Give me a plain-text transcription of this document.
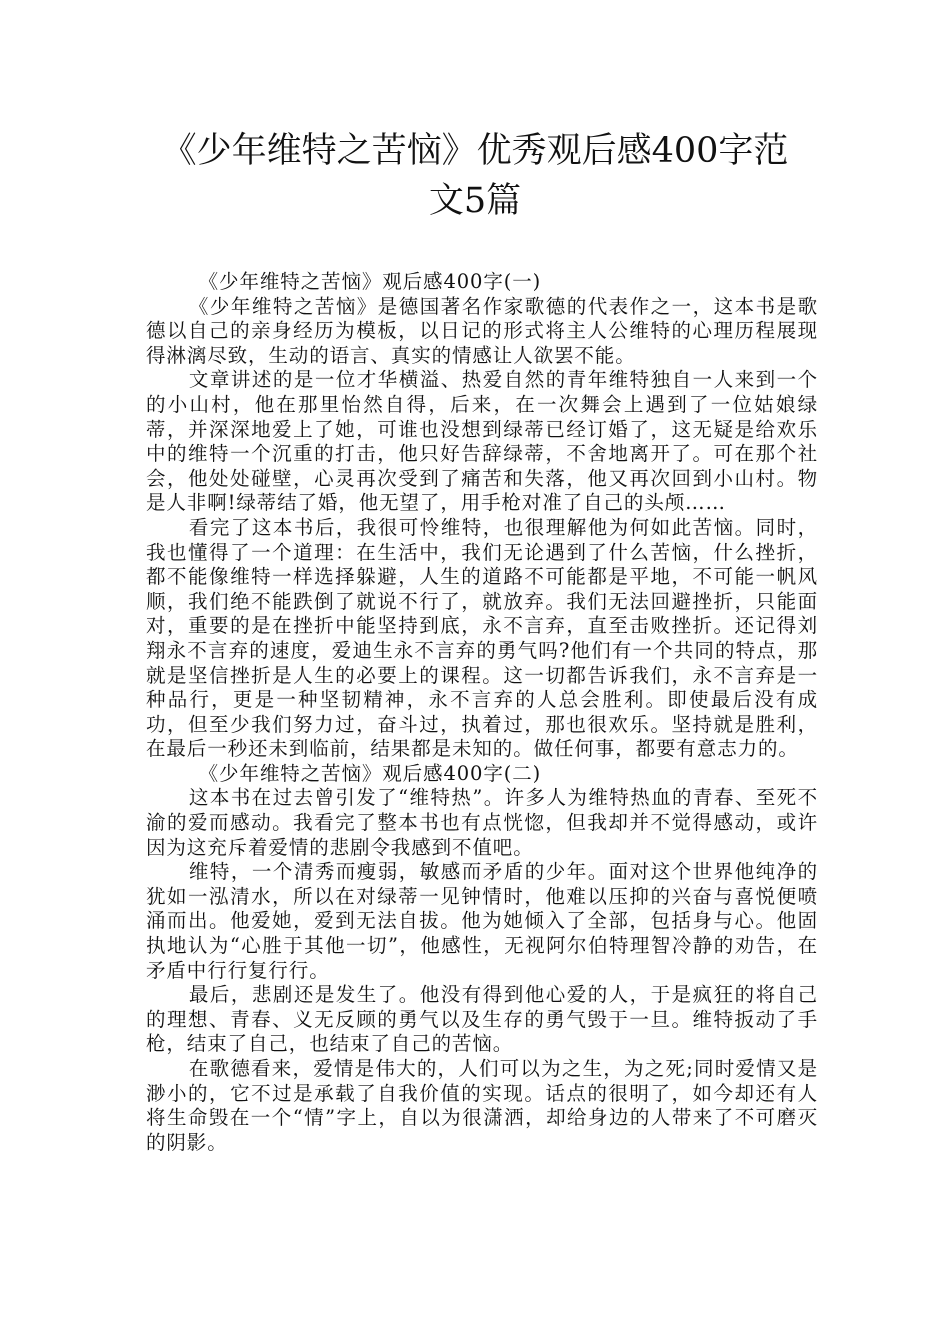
《少年维特之苦恼》优秀观后感400字范
文5篇

《少年维特之苦恼》观后感400字(一)

《少年维特之苦恼》是德国著名作家歌德的代表作之一，这本书是歌德以自己的亲身经历为模板，以日记的形式将主人公维特的心理历程展现得淋漓尽致，生动的语言、真实的情感让人欲罢不能。

文章讲述的是一位才华横溢、热爱自然的青年维特独自一人来到一个的小山村，他在那里怡然自得，后来，在一次舞会上遇到了一位姑娘绿蒂，并深深地爱上了她，可谁也没想到绿蒂已经订婚了，这无疑是给欢乐中的维特一个沉重的打击，他只好告辞绿蒂，不舍地离开了。可在那个社会，他处处碰壁，心灵再次受到了痛苦和失落，他又再次回到小山村。物是人非啊!绿蒂结了婚，他无望了，用手枪对准了自己的头颅……

看完了这本书后，我很可怜维特，也很理解他为何如此苦恼。同时，我也懂得了一个道理：在生活中，我们无论遇到了什么苦恼，什么挫折，都不能像维特一样选择躲避，人生的道路不可能都是平地，不可能一帆风顺，我们绝不能跌倒了就说不行了，就放弃。我们无法回避挫折，只能面对，重要的是在挫折中能坚持到底，永不言弃，直至击败挫折。还记得刘翔永不言弃的速度，爱迪生永不言弃的勇气吗?他们有一个共同的特点，那就是坚信挫折是人生的必要上的课程。这一切都告诉我们，永不言弃是一种品行，更是一种坚韧精神，永不言弃的人总会胜利。即使最后没有成功，但至少我们努力过，奋斗过，执着过，那也很欢乐。坚持就是胜利，在最后一秒还未到临前，结果都是未知的。做任何事，都要有意志力的。

《少年维特之苦恼》观后感400字(二)

这本书在过去曾引发了“维特热”。许多人为维特热血的青春、至死不渝的爱而感动。我看完了整本书也有点恍惚，但我却并不觉得感动，或许因为这充斥着爱情的悲剧令我感到不值吧。

维特，一个清秀而瘦弱，敏感而矛盾的少年。面对这个世界他纯净的犹如一泓清水，所以在对绿蒂一见钟情时，他难以压抑的兴奋与喜悦便喷涌而出。他爱她，爱到无法自拔。他为她倾入了全部，包括身与心。他固执地认为“心胜于其他一切”，他感性，无视阿尔伯特理智冷静的劝告，在矛盾中行行复行行。

最后，悲剧还是发生了。他没有得到他心爱的人，于是疯狂的将自己的理想、青春、义无反顾的勇气以及生存的勇气毁于一旦。维特扳动了手枪，结束了自己，也结束了自己的苦恼。

在歌德看来，爱情是伟大的，人们可以为之生，为之死;同时爱情又是渺小的，它不过是承载了自我价值的实现。话点的很明了，如今却还有人将生命毁在一个“情”字上，自以为很潇洒，却给身边的人带来了不可磨灭的阴影。
